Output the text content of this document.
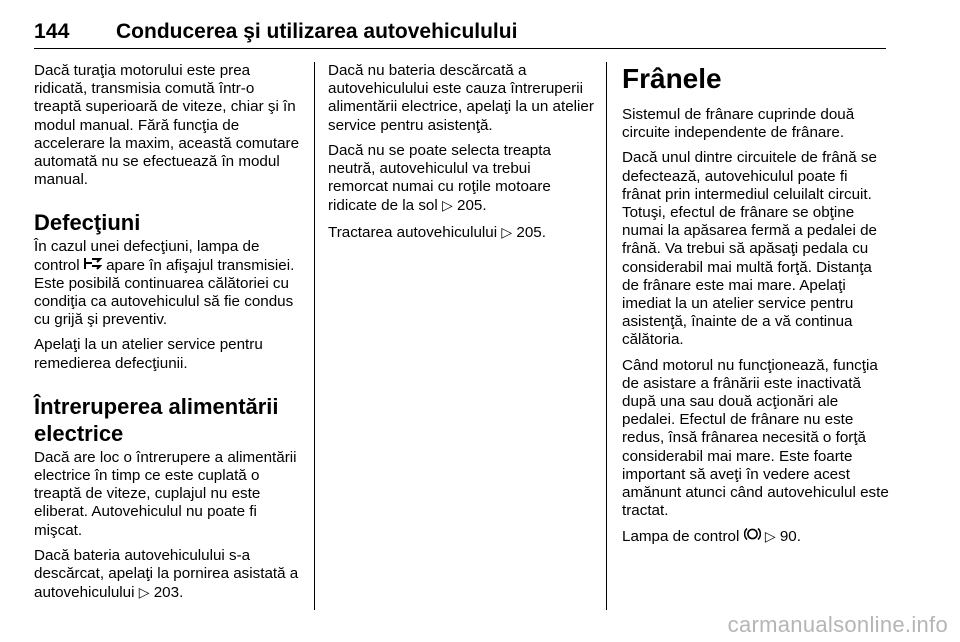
144 Conducerea şi utilizarea autovehiculului

Dacă turaţia motorului este prea ridicată, transmisia comută într-o treaptă superioară de viteze, chiar şi în modul manual. Fără funcţia de accelerare la maxim, această comutare automată nu se efectuează în modul manual.

Defecţiuni

În cazul unei defecţiuni, lampa de control apare în afişajul transmisiei. Este posibilă continuarea călătoriei cu condiţia ca autovehiculul să fie condus cu grijă şi preventiv.

Apelaţi la un atelier service pentru remedierea defecţiunii.

Întreruperea alimentării electrice

Dacă are loc o întrerupere a alimentării electrice în timp ce este cuplată o treaptă de viteze, cuplajul nu este eliberat. Autovehiculul nu poate fi mişcat.

Dacă bateria autovehiculului s-a descărcat, apelaţi la pornirea asistată a autovehiculului ▷ 203.

Dacă nu bateria descărcată a autovehiculului este cauza întreruperii alimentării electrice, apelaţi la un atelier service pentru asistenţă.

Dacă nu se poate selecta treapta neutră, autovehiculul va trebui remorcat numai cu roţile motoare ridicate de la sol ▷ 205.

Tractarea autovehiculului ▷ 205.

Frânele

Sistemul de frânare cuprinde două circuite independente de frânare.

Dacă unul dintre circuitele de frână se defectează, autovehiculul poate fi frânat prin intermediul celuilalt circuit. Totuşi, efectul de frânare se obţine numai la apăsarea fermă a pedalei de frână. Va trebui să apăsaţi pedala cu considerabil mai multă forţă. Distanţa de frânare este mai mare. Apelaţi imediat la un atelier service pentru asistenţă, înainte de a vă continua călătoria.

Când motorul nu funcţionează, funcţia de asistare a frânării este inactivată după una sau două acţionări ale pedalei. Efectul de frânare nu este redus, însă frânarea necesită o forţă considerabil mai mare. Este foarte important să aveţi în vedere acest amănunt atunci când autovehiculul este tractat.

Lampa de control ▷ 90.

carmanualsonline.info
